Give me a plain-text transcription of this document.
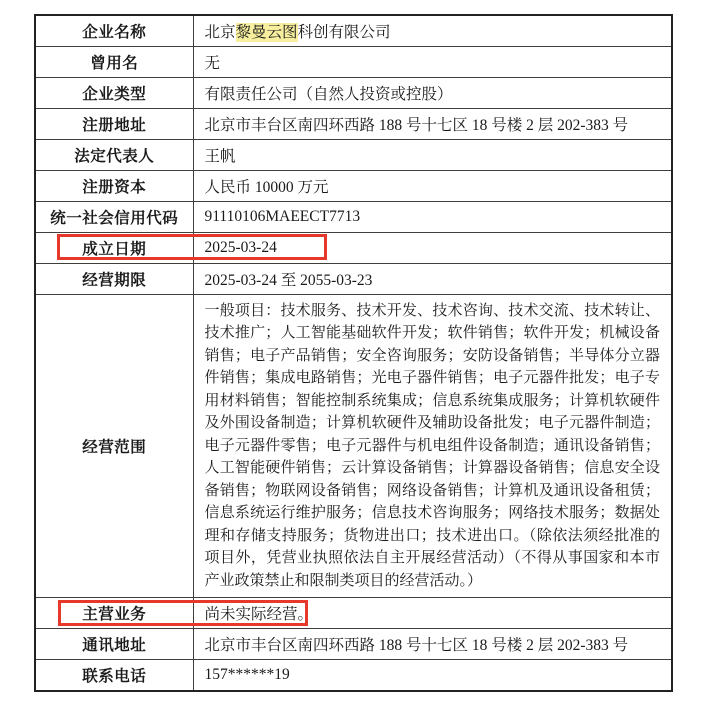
企业名称	北京黎曼云图科创有限公司
曾用名	无
企业类型	有限责任公司（自然人投资或控股）
注册地址	北京市丰台区南四环西路 188 号十七区 18 号楼 2 层 202-383 号
法定代表人	王帆
注册资本	人民币 10000 万元
统一社会信用代码	91110106MAEECT7713
成立日期	2025-03-24
经营期限	2025-03-24 至 2055-03-23
经营范围	一般项目：技术服务、技术开发、技术咨询、技术交流、技术转让、技术推广；人工智能基础软件开发；软件销售；软件开发；机械设备销售；电子产品销售；安全咨询服务；安防设备销售；半导体分立器件销售；集成电路销售；光电子器件销售；电子元器件批发；电子专用材料销售；智能控制系统集成；信息系统集成服务；计算机软硬件及外围设备制造；计算机软硬件及辅助设备批发；电子元器件制造；电子元器件零售；电子元器件与机电组件设备制造；通讯设备销售；人工智能硬件销售；云计算设备销售；计算器设备销售；信息安全设备销售；物联网设备销售；网络设备销售；计算机及通讯设备租赁；信息系统运行维护服务；信息技术咨询服务；网络技术服务；数据处理和存储支持服务；货物进出口；技术进出口。（除依法须经批准的项目外，凭营业执照依法自主开展经营活动）（不得从事国家和本市产业政策禁止和限制类项目的经营活动。）

主营业务	尚未实际经营。
通讯地址	北京市丰台区南四环西路 188 号十七区 18 号楼 2 层 202-383 号
联系电话	157******19
